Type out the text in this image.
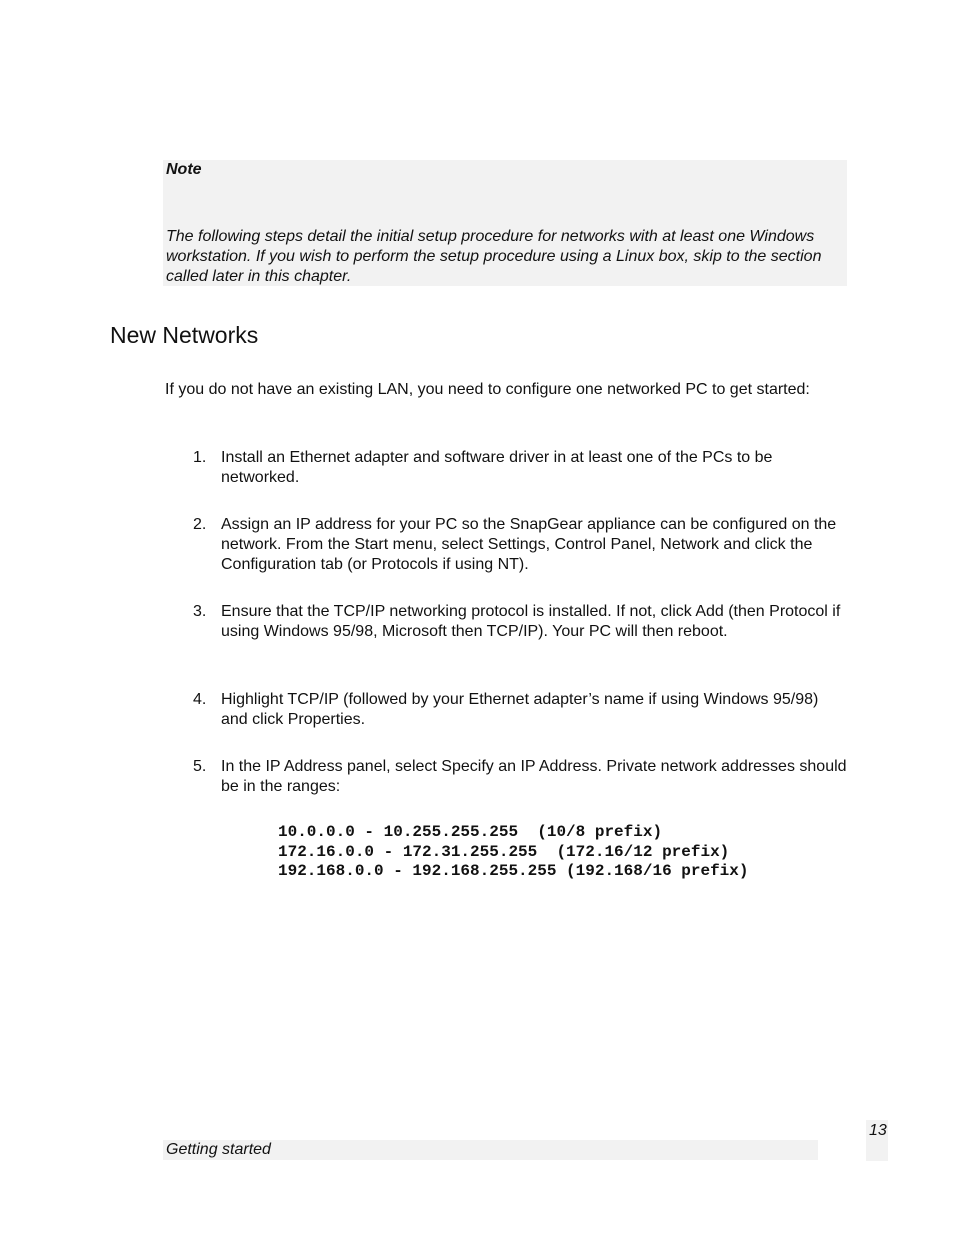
Note
The following steps detail the initial setup procedure for networks with at least one Windows workstation. If you wish to perform the setup procedure using a Linux box, skip to the section called later in this chapter.
New Networks
If you do not have an existing LAN, you need to configure one networked PC to get started:
1. Install an Ethernet adapter and software driver in at least one of the PCs to be networked.
2. Assign an IP address for your PC so the SnapGear appliance can be configured on the network. From the Start menu, select Settings, Control Panel, Network and click the Configuration tab (or Protocols if using NT).
3. Ensure that the TCP/IP networking protocol is installed. If not, click Add (then Protocol if using Windows 95/98, Microsoft then TCP/IP). Your PC will then reboot.
4. Highlight TCP/IP (followed by your Ethernet adapter’s name if using Windows 95/98) and click Properties.
5. In the IP Address panel, select Specify an IP Address. Private network addresses should be in the ranges:
10.0.0.0 - 10.255.255.255  (10/8 prefix)
172.16.0.0 - 172.31.255.255  (172.16/12 prefix)
192.168.0.0 - 192.168.255.255 (192.168/16 prefix)
13
Getting started
